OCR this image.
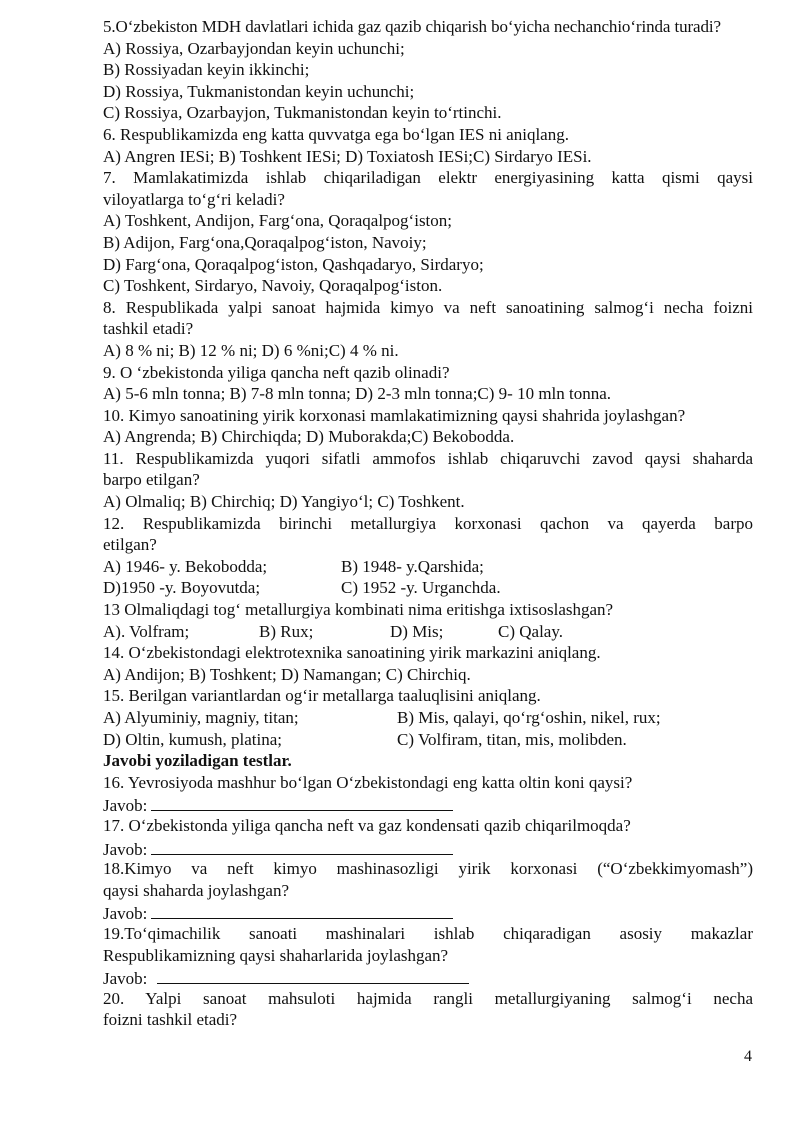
5.O‘zbekiston MDH davlatlari ichida gaz qazib chiqarish bo‘yicha nechanchio‘rinda turadi?
A) Rossiya, Ozarbayjondan keyin uchunchi;
B) Rossiyadan keyin ikkinchi;
D) Rossiya, Tukmanistondan keyin uchunchi;
C) Rossiya, Ozarbayjon, Tukmanistondan keyin to‘rtinchi.
6. Respublikamizda eng katta quvvatga ega bo‘lgan IES ni aniqlang.
A) Angren IESi; B) Toshkent IESi; D) Toxiatosh IESi;C) Sirdaryo IESi.
7. Mamlakatimizda ishlab chiqariladigan elektr energiyasining katta qismi qaysi
viloyatlarga to‘g‘ri keladi?
A) Toshkent, Andijon, Farg‘ona, Qoraqalpog‘iston;
B) Adijon, Farg‘ona,Qoraqalpog‘iston, Navoiy;
D) Farg‘ona, Qoraqalpog‘iston, Qashqadaryo, Sirdaryo;
C) Toshkent, Sirdaryo, Navoiy, Qoraqalpog‘iston.
8. Respublikada yalpi sanoat hajmida kimyo va neft sanoatining salmog‘i necha foizni
tashkil etadi?
A) 8 % ni; B) 12 % ni; D) 6 %ni;C) 4 % ni.
9. O ‘zbekistonda yiliga qancha neft qazib olinadi?
A) 5-6 mln tonna; B) 7-8 mln tonna; D) 2-3 mln tonna;C) 9- 10 mln tonna.
10. Kimyo sanoatining yirik korxonasi mamlakatimizning qaysi shahrida joylashgan?
A) Angrenda; B) Chirchiqda; D) Muborakda;C) Bekobodda.
11. Respublikamizda yuqori sifatli ammofos ishlab chiqaruvchi zavod qaysi shaharda
barpo etilgan?
A) Olmaliq; B) Chirchiq; D) Yangiyo‘l; C) Toshkent.
12. Respublikamizda birinchi metallurgiya korxonasi qachon va qayerda barpo
etilgan?
A) 1946- y. Bekobodda;	B) 1948- y.Qarshida;
D)1950 -y. Boyovutda;	C) 1952 -y. Urganchda.
13 Olmaliqdagi tog‘ metallurgiya kombinati nima eritishga ixtisoslashgan?
A). Volfram;	B) Rux;	D) Mis;	C) Qalay.
14. O‘zbekistondagi elektrotexnika sanoatining yirik markazini aniqlang.
A) Andijon; B) Toshkent; D) Namangan; C) Chirchiq.
15. Berilgan variantlardan og‘ir metallarga taaluqlisini aniqlang.
A) Alyuminiy, magniy, titan;	B) Mis, qalayi, qo‘rg‘oshin, nikel, rux;
D) Oltin, kumush, platina;	C) Volfiram, titan, mis, molibden.
Javobi yoziladigan testlar.
16. Yevrosiyoda mashhur bo‘lgan O‘zbekistondagi eng katta oltin koni qaysi?
Javob:
17. O‘zbekistonda yiliga qancha neft va gaz kondensati qazib chiqarilmoqda?
Javob:
18.Kimyo va neft kimyo mashinasozligi yirik korxonasi (“O‘zbekkimyomash”)
qaysi shaharda joylashgan?
Javob:
19.To‘qimachilik sanoati mashinalari ishlab chiqaradigan asosiy makazlar
Respublikamizning qaysi shaharlarida joylashgan?
Javob:
20. Yalpi sanoat mahsuloti hajmida rangli metallurgiyaning salmog‘i necha
foizni tashkil etadi?
4
